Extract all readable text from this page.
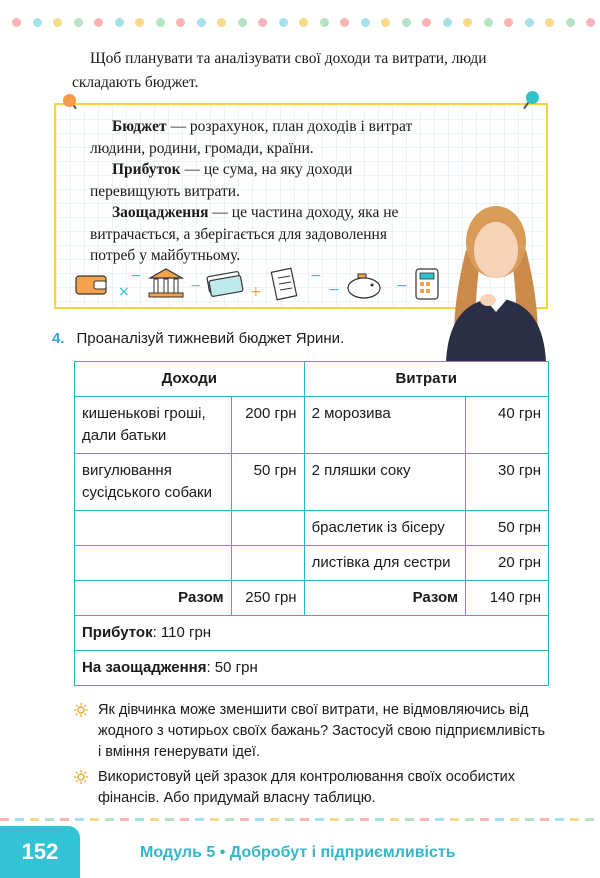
Щоб планувати та аналізувати свої доходи та витрати, люди складають бюджет.

Бюджет — розрахунок, план доходів і витрат людини, родини, громади, країни.

Прибуток — це сума, на яку доходи перевищують витрати.

Заощадження — це частина доходу, яка не витрачається, а зберігається для задоволення потреб у майбутньому.

×
−
−	+
−
−	−
4. Проаналізуй тижневий бюджет Ярини.
Доходи		Витрати	
кишенькові гроші, дали батьки	200 грн	2 морозива	40 грн
вигулювання сусідського собаки	50 грн	2 пляшки соку	30 грн
		браслетик із бісеру	50 грн
		листівка для сестри	20 грн
Разом	250 грн	Разом	140 грн
Прибуток: 110 грн			
На заощадження: 50 грн			

Як дівчинка може зменшити свої витрати, не відмовляючись від жодного з чотирьох своїх бажань? Застосуй свою підприємливість і вміння генерувати ідеї.

Використовуй цей зразок для контролювання своїх особистих фінансів. Або придумай власну таблицю.

152	Модуль 5 • Добробут і підприємливість
